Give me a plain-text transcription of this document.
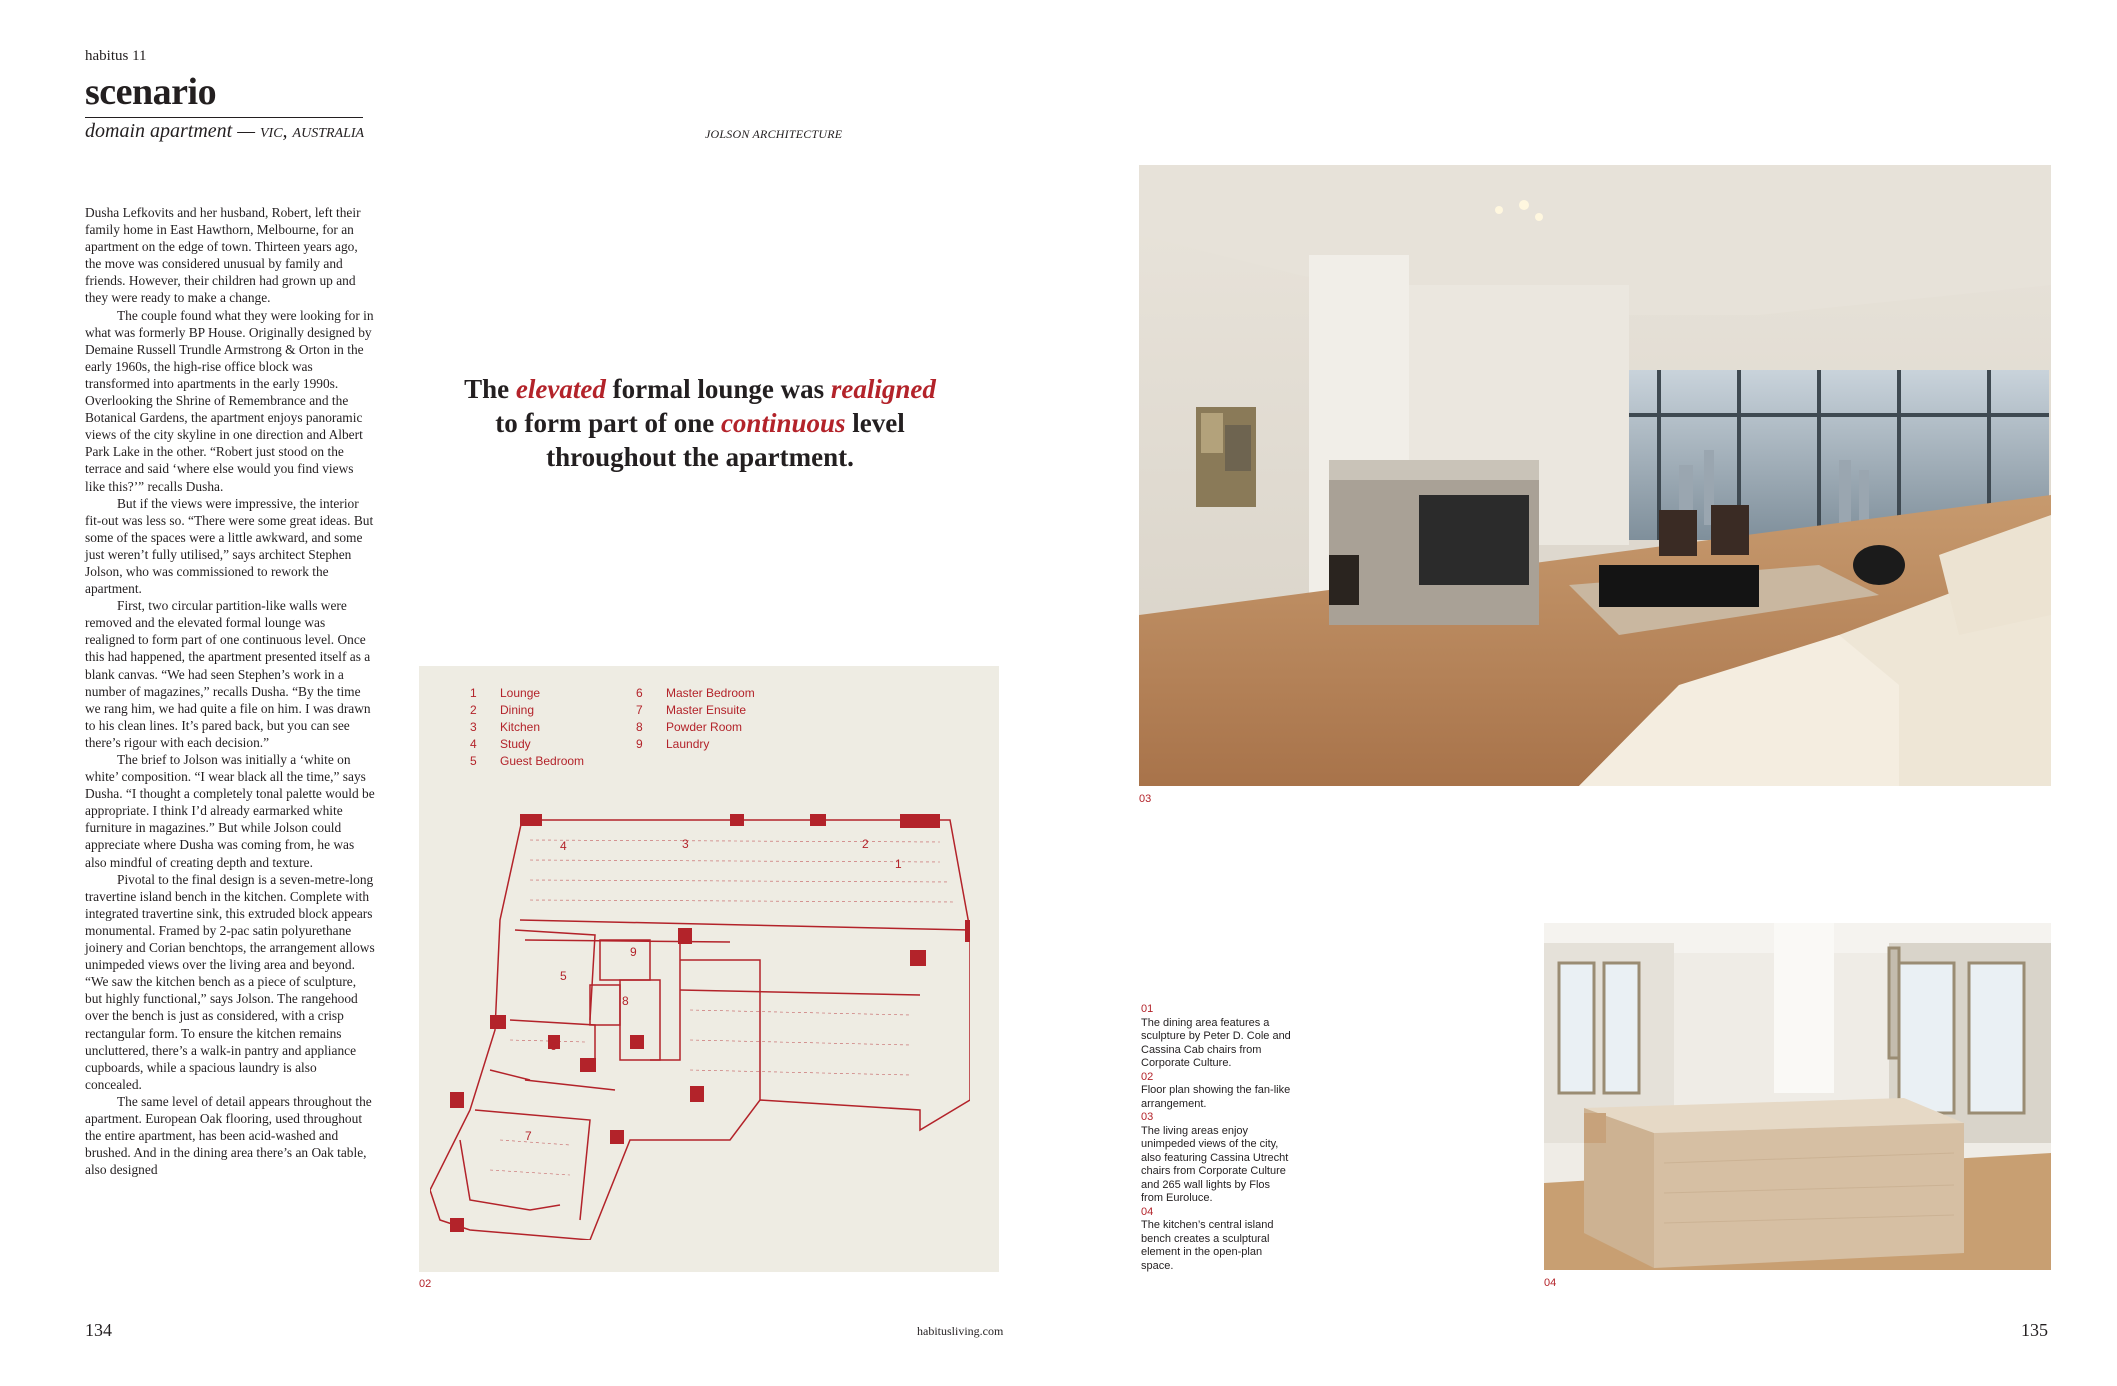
habitus 11
scenario
domain apartment — vic, australia	JOLSON ARCHITECTURE

Dusha Lefkovits and her husband, Robert, left their family home in East Hawthorn, Melbourne, for an apartment on the edge of town. Thirteen years ago, the move was considered unusual by family and friends. However, their children had grown up and they were ready to make a change.

The couple found what they were looking for in what was formerly BP House. Originally designed by Demaine Russell Trundle Armstrong & Orton in the early 1960s, the high-rise office block was transformed into apartments in the early 1990s. Overlooking the Shrine of Remembrance and the Botanical Gardens, the apartment enjoys panoramic views of the city skyline in one direction and Albert Park Lake in the other. “Robert just stood on the terrace and said ‘where else would you find views like this?’” recalls Dusha.

But if the views were impressive, the interior fit-out was less so. “There were some great ideas. But some of the spaces were a little awkward, and some just weren’t fully utilised,” says architect Stephen Jolson, who was commissioned to rework the apartment.

First, two circular partition-like walls were removed and the elevated formal lounge was realigned to form part of one continuous level. Once this had happened, the apartment presented itself as a blank canvas. “We had seen Stephen’s work in a number of magazines,” recalls Dusha. “By the time we rang him, we had quite a file on him. I was drawn to his clean lines. It’s pared back, but you can see there’s rigour with each decision.”

The brief to Jolson was initially a ‘white on white’ composition. “I wear black all the time,” says Dusha. “I thought a completely tonal palette would be appropriate. I think I’d already earmarked white furniture in magazines.” But while Jolson could appreciate where Dusha was coming from, he was also mindful of creating depth and texture.

Pivotal to the final design is a seven-metre-long travertine island bench in the kitchen. Complete with integrated travertine sink, this extruded block appears monumental. Framed by 2-pac satin polyurethane joinery and Corian benchtops, the arrangement allows unimpeded views over the living area and beyond. “We saw the kitchen bench as a piece of sculpture, but highly functional,” says Jolson. The rangehood over the bench is just as considered, with a crisp rectangular form. To ensure the kitchen remains uncluttered, there’s a walk-in pantry and appliance cupboards, while a spacious laundry is also concealed.

The same level of detail appears throughout the apartment. European Oak flooring, used throughout the entire apartment, has been acid-washed and brushed. And in the dining area there’s an Oak table, also designed

The elevated formal lounge was realigned
to form part of one continuous level
throughout the apartment.
1 Lounge
2 Dining
3 Kitchen
4 Study
5 Guest Bedroom
6 Master Bedroom
7 Master Ensuite
8 Powder Room
9 Laundry
1
2
3
4
5
6
7
8
9
02
03
04
01
The dining area features a sculpture by Peter D. Cole and Cassina Cab chairs from Corporate Culture.
02
Floor plan showing the fan-like arrangement.
03
The living areas enjoy unimpeded views of the city, also featuring Cassina Utrecht chairs from Corporate Culture and 265 wall lights by Flos from Euroluce.
04
The kitchen’s central island bench creates a sculptural element in the open-plan space.
134	habitusliving.com	135
